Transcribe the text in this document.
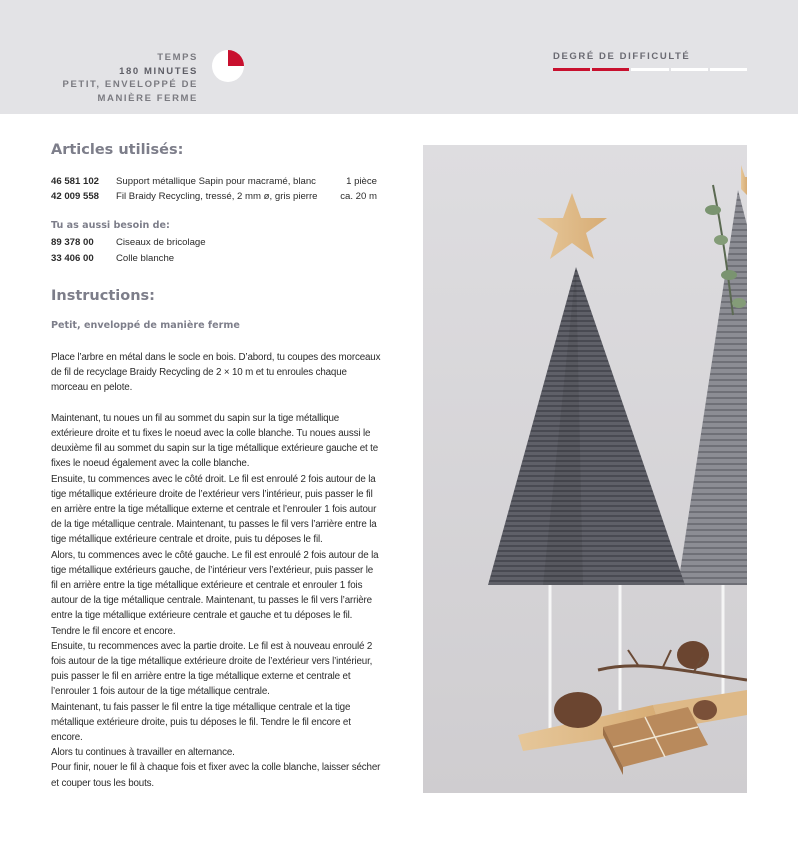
TEMPS
180 MINUTES
PETIT, ENVELOPPÉ DE
MANIÈRE FERME
DEGRÉ DE DIFFICULTÉ
Articles utilisés:
46 581 102	Support métallique Sapin pour macramé, blanc	1 pièce
42 009 558	Fil Braidy Recycling, tressé, 2 mm ø, gris pierre	ca. 20 m
Tu as aussi besoin de:
89 378 00	Ciseaux de bricolage
33 406 00	Colle blanche
Instructions:
Petit, enveloppé de manière ferme

Place l’arbre en métal dans le socle en bois. D’abord, tu coupes des morceaux de fil de recyclage Braidy Recycling de 2 × 10 m et tu enroules chaque morceau en pelote.

Maintenant, tu noues un fil au sommet du sapin sur la tige métallique extérieure droite et tu fixes le noeud avec la colle blanche. Tu noues aussi le deuxième fil au sommet du sapin sur la tige métallique extérieure gauche et te fixes le noeud également avec la colle blanche.

Ensuite, tu commences avec le côté droit. Le fil est enroulé 2 fois autour de la tige métallique extérieure droite de l’extérieur vers l’intérieur, puis passer le fil en arrière entre la tige métallique externe et centrale et l’enrouler 1 fois autour de la tige métallique centrale. Maintenant, tu passes le fil vers l’arrière entre la tige métallique extérieure centrale et droite, puis tu déposes le fil.

Alors, tu commences avec le côté gauche. Le fil est enroulé 2 fois autour de la tige métallique extérieurs gauche, de l’intérieur vers l’extérieur, puis passer le fil en arrière entre la tige métallique extérieure et centrale et enrouler 1 fois autour de la tige métallique centrale. Maintenant, tu passes le fil vers l’arrière entre la tige métallique extérieure centrale et gauche et tu déposes le fil. Tendre le fil encore et encore.

Ensuite, tu recommences avec la partie droite. Le fil est à nouveau enroulé 2 fois autour de la tige métallique extérieure droite de l’extérieur vers l’intérieur, puis passer le fil en arrière entre la tige métallique externe et centrale et l’enrouler 1 fois autour de la tige métallique centrale.

Maintenant, tu fais passer le fil entre la tige métallique centrale et la tige métallique extérieure droite, puis tu déposes le fil. Tendre le fil encore et encore.

Alors tu continues à travailler en alternance.

Pour finir, nouer le fil à chaque fois et fixer avec la colle blanche, laisser sécher et couper tous les bouts.
